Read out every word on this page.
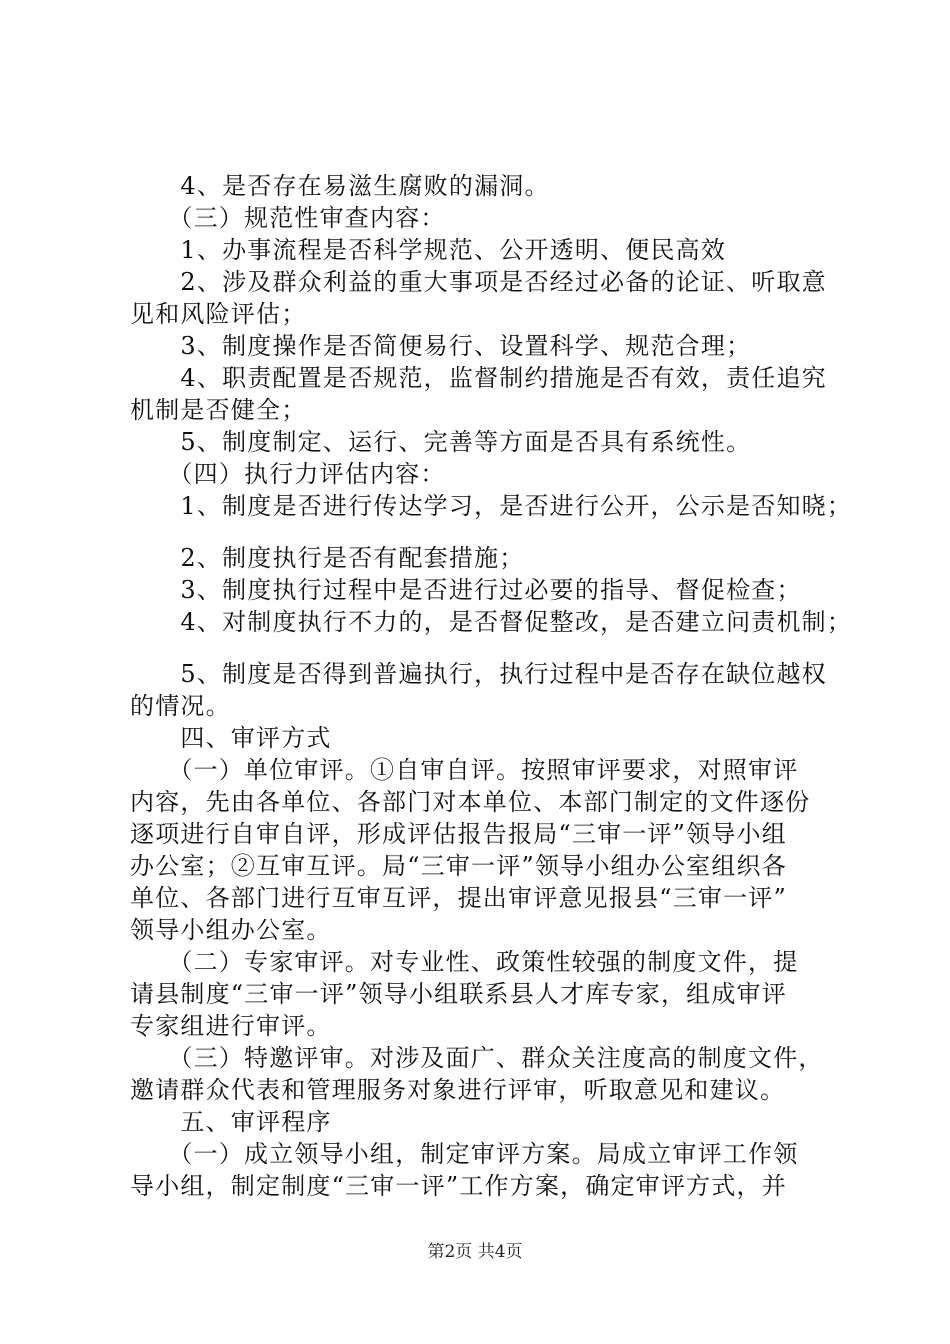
　　4、是否存在易滋生腐败的漏洞。
　　（三）规范性审查内容：
　　1、办事流程是否科学规范、公开透明、便民高效
　　2、涉及群众利益的重大事项是否经过必备的论证、听取意
见和风险评估；
　　3、制度操作是否简便易行、设置科学、规范合理；
　　4、职责配置是否规范，监督制约措施是否有效，责任追究
机制是否健全；
　　5、制度制定、运行、完善等方面是否具有系统性。
　　（四）执行力评估内容：
　　1、制度是否进行传达学习，是否进行公开，公示是否知晓；
　　2、制度执行是否有配套措施；
　　3、制度执行过程中是否进行过必要的指导、督促检查；
　　4、对制度执行不力的，是否督促整改，是否建立问责机制；
　　5、制度是否得到普遍执行，执行过程中是否存在缺位越权
的情况。
　　四、审评方式
　　（一）单位审评。①自审自评。按照审评要求，对照审评
内容，先由各单位、各部门对本单位、本部门制定的文件逐份
逐项进行自审自评，形成评估报告报局“三审一评”领导小组
办公室；②互审互评。局“三审一评”领导小组办公室组织各
单位、各部门进行互审互评，提出审评意见报县“三审一评”
领导小组办公室。
　　（二）专家审评。对专业性、政策性较强的制度文件，提
请县制度“三审一评”领导小组联系县人才库专家，组成审评
专家组进行审评。
　　（三）特邀评审。对涉及面广、群众关注度高的制度文件，
邀请群众代表和管理服务对象进行评审，听取意见和建议。
　　五、审评程序
　　（一）成立领导小组，制定审评方案。局成立审评工作领
导小组，制定制度“三审一评”工作方案，确定审评方式，并
第2页 共4页
